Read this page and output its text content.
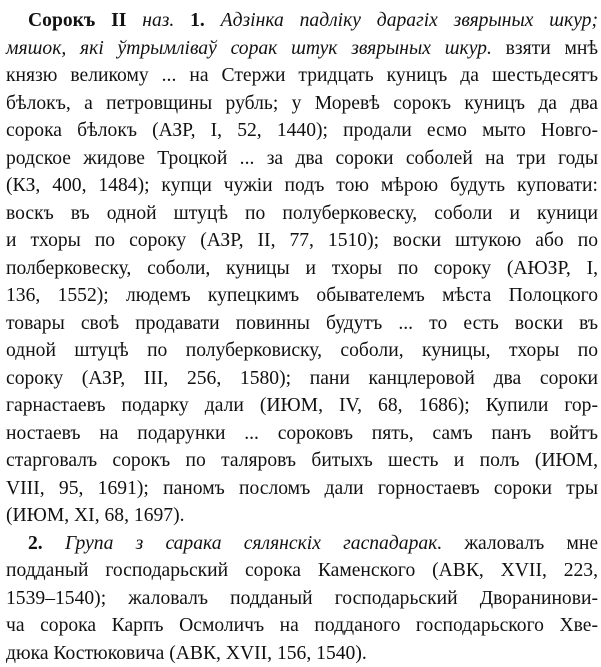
Сорокъ II наз. 1. Адзінка падліку дарагіх звярыных шкур;
мяшок, які ўтрымліваў сорак штук звярыных шкур. взяти мнѣ
князю великому ... на Стержи тридцать куницъ да шестьдесятъ
бѣлокъ, а петровщины рубль; у Моревѣ сорокъ куницъ да два
сорока бѣлокъ (АЗР, I, 52, 1440); продали есмо мыто Новго-
родское жидове Троцкой ... за два сороки соболей на три годы
(КЗ, 400, 1484); купци чужiи подъ тою мѣрою будуть куповати:
воскъ въ одной штуцѣ по полуберковеску, соболи и куници
и тхоры по сороку (АЗР, II, 77, 1510); воски штукою або по
полберковеску, соболи, куницы и тхоры по сороку (АЮЗР, I,
136, 1552); людемъ купецкимъ обывателемъ мѣста Полоцкого
товары своѣ продавати повинны будутъ ... то есть воски въ
одной штуцѣ по полуберковиску, соболи, куницы, тхоры по
сороку (АЗР, III, 256, 1580); пани канцлеровой два сороки
гарнастаевъ подарку дали (ИЮМ, IV, 68, 1686); Купили гор-
ностаевъ на подарунки ... сороковъ пять, самъ панъ войтъ
старговалъ сорокъ по таляровъ битыхъ шесть и полъ (ИЮМ,
VIII, 95, 1691); паномъ посломъ дали горностаевъ сороки тры
(ИЮМ, XI, 68, 1697).
2. Група з сарака сялянскіх гаспадарак. жаловалъ мне
подданый господарьский сорока Каменского (АВК, XVII, 223,
1539–1540); жаловалъ подданый господарьский Дворанинови-
ча сорока Карпъ Осмоличъ на подданого господарьского Хве-
дюка Костюковича (АВК, XVII, 156, 1540).
